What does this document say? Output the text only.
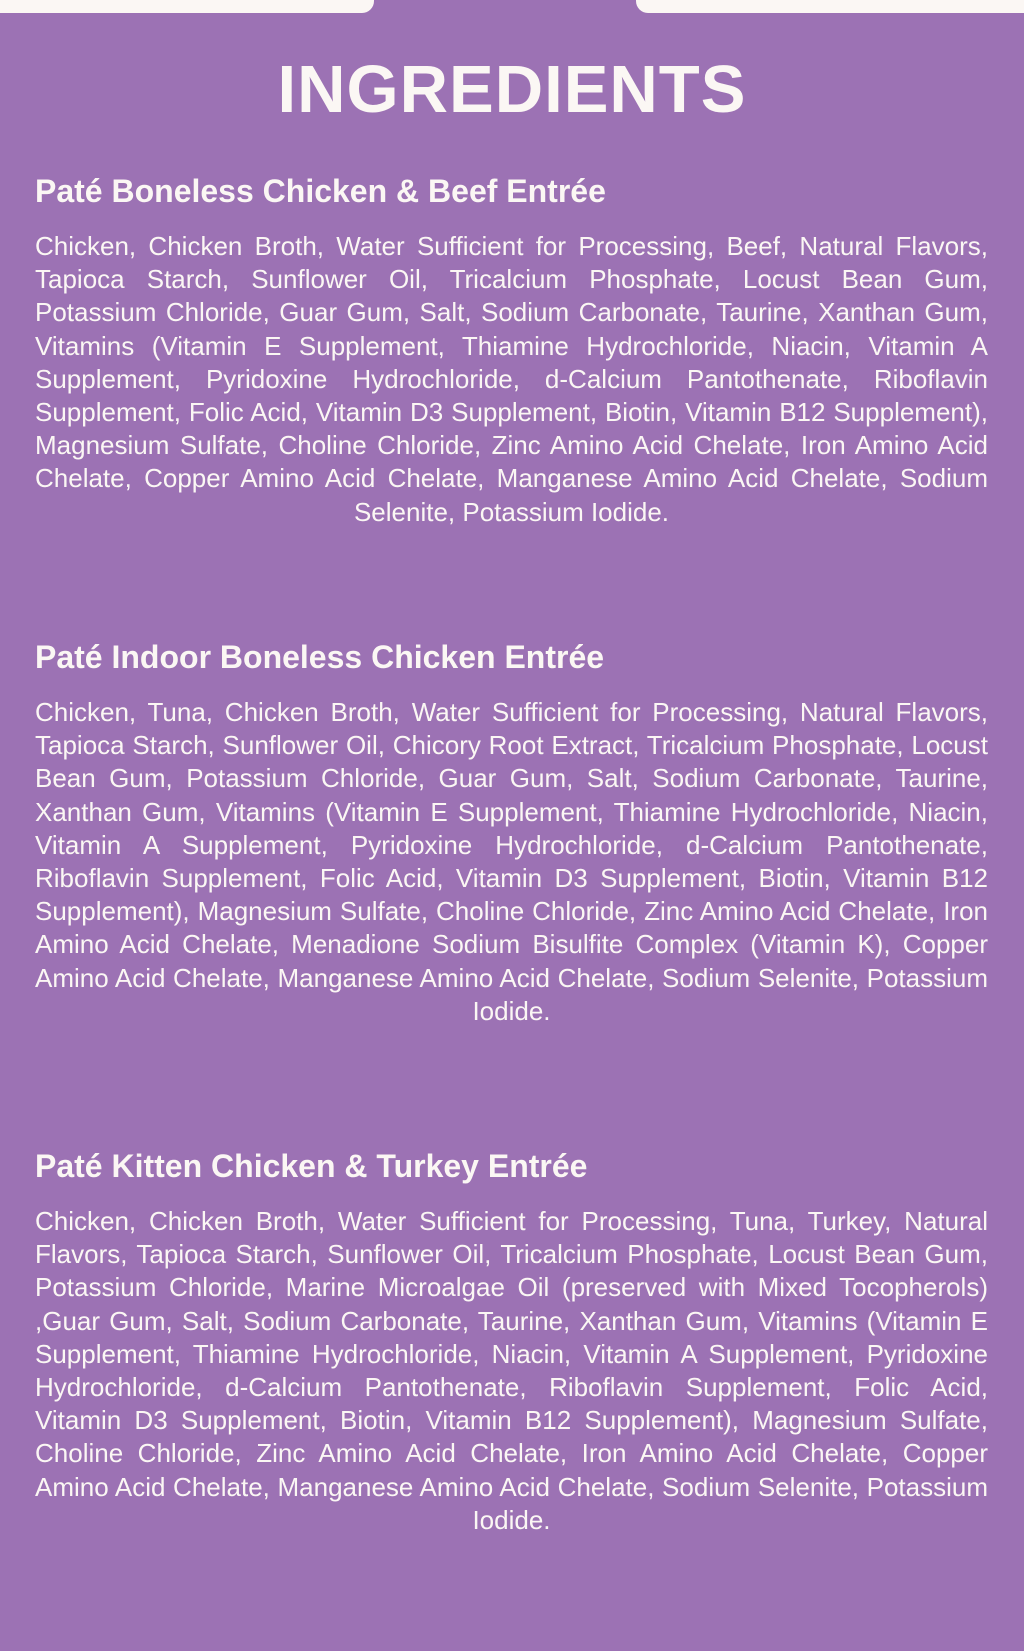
INGREDIENTS
Paté Boneless Chicken & Beef Entrée

Chicken, Chicken Broth, Water Sufficient for Processing, Beef, Natural Flavors, Tapioca Starch, Sunflower Oil, Tricalcium Phosphate, Locust Bean Gum, Potassium Chloride, Guar Gum, Salt, Sodium Carbonate, Taurine, Xanthan Gum, Vitamins (Vitamin E Supplement, Thiamine Hydrochloride, Niacin, Vitamin A Supplement, Pyridoxine Hydrochloride, d-Calcium Pantothenate, Riboflavin Supplement, Folic Acid, Vitamin D3 Supplement, Biotin, Vitamin B12 Supplement), Magnesium Sulfate, Choline Chloride, Zinc Amino Acid Chelate, Iron Amino Acid Chelate, Copper Amino Acid Chelate, Manganese Amino Acid Chelate, Sodium Selenite, Potassium Iodide.

Paté Indoor Boneless Chicken Entrée

Chicken, Tuna, Chicken Broth, Water Sufficient for Processing, Natural Flavors, Tapioca Starch, Sunflower Oil, Chicory Root Extract, Tricalcium Phosphate, Locust Bean Gum, Potassium Chloride, Guar Gum, Salt, Sodium Carbonate, Taurine, Xanthan Gum, Vitamins (Vitamin E Supplement, Thiamine Hydrochloride, Niacin, Vitamin A Supplement, Pyridoxine Hydrochloride, d-Calcium Pantothenate, Riboflavin Supplement, Folic Acid, Vitamin D3 Supplement, Biotin, Vitamin B12 Supplement), Magnesium Sulfate, Choline Chloride, Zinc Amino Acid Chelate, Iron Amino Acid Chelate, Menadione Sodium Bisulfite Complex (Vitamin K), Copper Amino Acid Chelate, Manganese Amino Acid Chelate, Sodium Selenite, Potassium Iodide.

Paté Kitten Chicken & Turkey Entrée

Chicken, Chicken Broth, Water Sufficient for Processing, Tuna, Turkey, Natural Flavors, Tapioca Starch, Sunflower Oil, Tricalcium Phosphate, Locust Bean Gum, Potassium Chloride, Marine Microalgae Oil (preserved with Mixed Tocopherols) ,Guar Gum, Salt, Sodium Carbonate, Taurine, Xanthan Gum, Vitamins (Vitamin E Supplement, Thiamine Hydrochloride, Niacin, Vitamin A Supplement, Pyridoxine Hydrochloride, d-Calcium Pantothenate, Riboflavin Supplement, Folic Acid, Vitamin D3 Supplement, Biotin, Vitamin B12 Supplement), Magnesium Sulfate, Choline Chloride, Zinc Amino Acid Chelate, Iron Amino Acid Chelate, Copper Amino Acid Chelate, Manganese Amino Acid Chelate, Sodium Selenite, Potassium Iodide.
